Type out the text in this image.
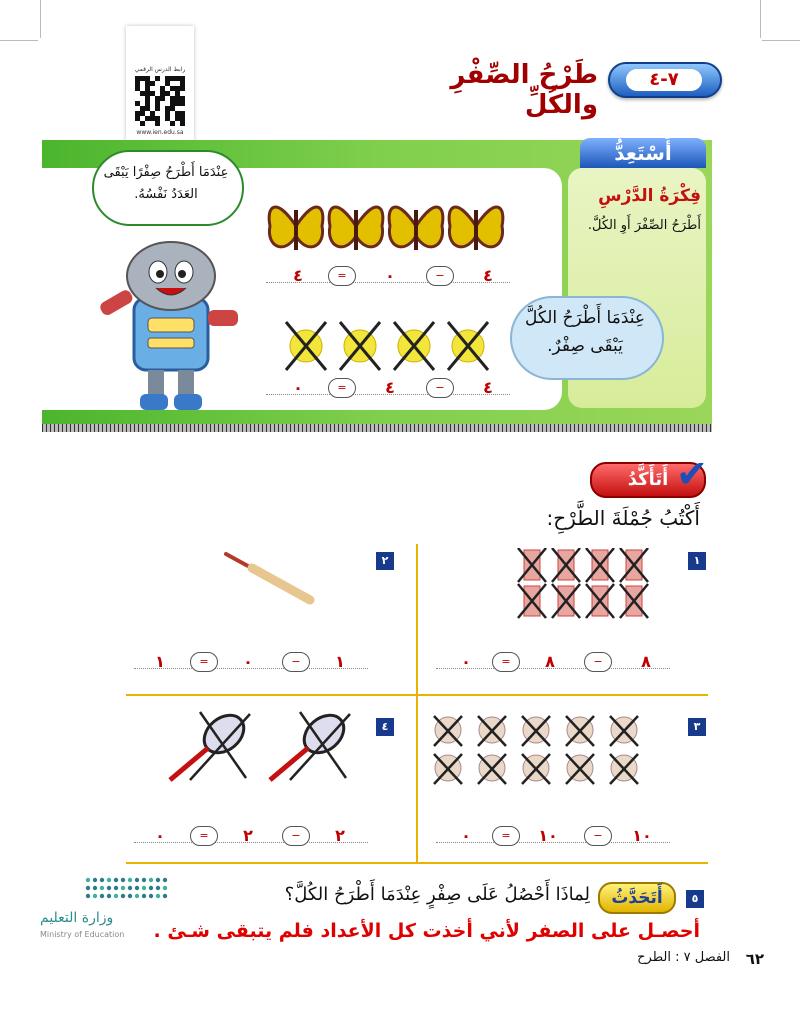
رابط الدرس الرقمي
www.ien.edu.sa
٧-٤
طَرْحُ الصِّفْرِ والكُلِّ
أَسْتَعِدُّ
فِكْرَةُ الدَّرْسِ
أَطْرَحُ الصِّفْرَ أَوِ الكُلَّ.
عِنْدَمَا أَطْرَحُ صِفْرًا يَبْقَى العَدَدُ نَفْسُهُ.
٤	=	٠	−	٤
٠	=	٤	−	٤
عِنْدَمَا أَطْرَحُ الكُلَّ يَبْقَى صِفْرٌ.
أَتَأَكَّدُ ✔
أَكْتُبُ جُمْلَةَ الطَّرْحِ:
١
٢
٣
٤
٠	=	٨	−	٨
١	=	٠	−	١
٠	=	١٠	−	١٠
٠	=	٢	−	٢
٥
أَتَحَدَّثُ
لِماذَا أَحْصُلُ عَلَى صِفْرٍ عِنْدَمَا أَطْرَحُ الكُلَّ؟
أحصـل على الصفر لأني أخذت كل الأعداد فلم يتبقى شـئ .
وزارة التعليم
Ministry of Education
٦٢
الفصل ٧ : الطرح
